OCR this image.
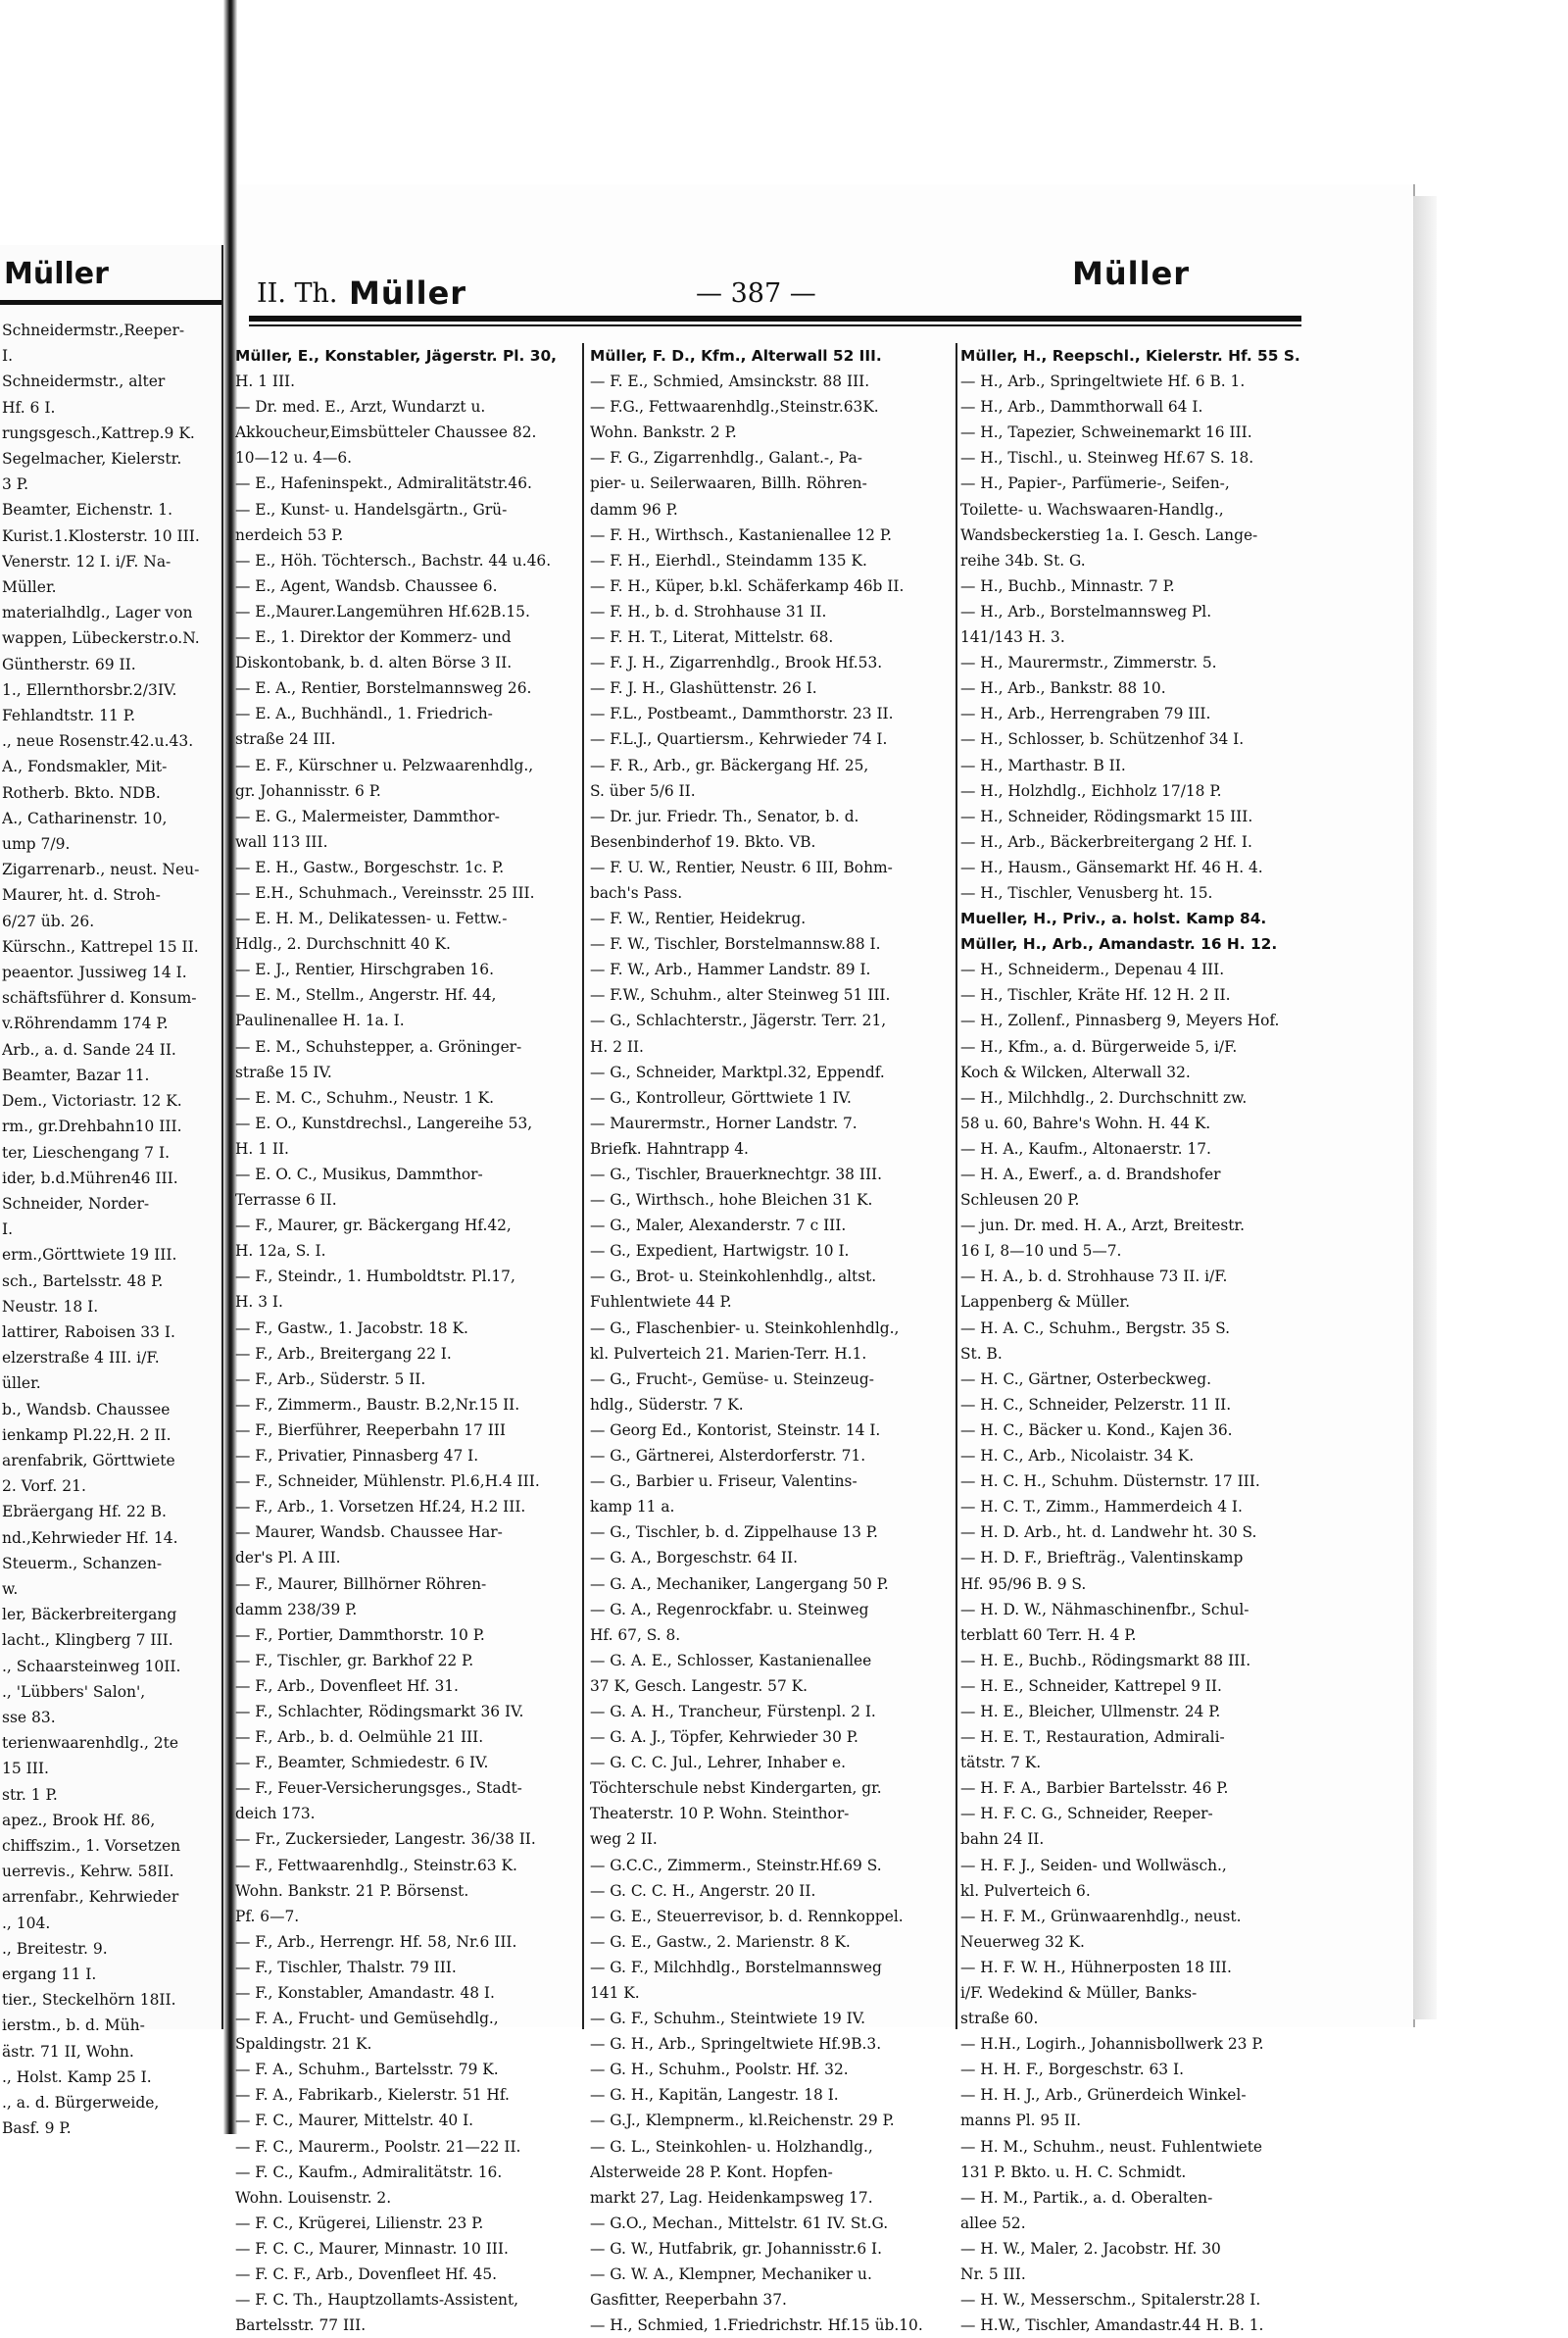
Müller
Schneidermstr.,Reeper-
I.
Schneidermstr., alter
Hf. 6 I.
rungsgesch.,Kattrep.9 K.
Segelmacher, Kielerstr.
3 P.
Beamter, Eichenstr. 1.
Kurist.1.Klosterstr. 10 III.
Venerstr. 12 I. i/F. Na-
Müller.
materialhdlg., Lager von
wappen, Lübeckerstr.o.N.
Güntherstr. 69 II.
1., Ellernthorsbr.2/3IV.
Fehlandtstr. 11 P.
., neue Rosenstr.42.u.43.
A., Fondsmakler, Mit-
Rotherb. Bkto. NDB.
A., Catharinenstr. 10,
ump 7/9.
Zigarrenarb., neust. Neu-
Maurer, ht. d. Stroh-
6/27 üb. 26.
Kürschn., Kattrepel 15 II.
peaentor. Jussiweg 14 I.
schäftsführer d. Konsum-
v.Röhrendamm 174 P.
Arb., a. d. Sande 24 II.
Beamter, Bazar 11.
Dem., Victoriastr. 12 K.
rm., gr.Drehbahn10 III.
ter, Lieschengang 7 I.
ider, b.d.Mühren46 III.
Schneider, Norder-
I.
erm.,Görttwiete 19 III.
sch., Bartelsstr. 48 P.
Neustr. 18 I.
lattirer, Raboisen 33 I.
elzerstraße 4 III. i/F.
üller.
b., Wandsb. Chaussee
ienkamp Pl.22,H. 2 II.
arenfabrik, Görttwiete
2. Vorf. 21.
Ebräergang Hf. 22 B.
nd.,Kehrwieder Hf. 14.
Steuerm., Schanzen-
w.
ler, Bäckerbreitergang
lacht., Klingberg 7 III.
., Schaarsteinweg 10II.
., 'Lübbers' Salon',
sse 83.
terienwaarenhdlg., 2te
15 III.
str. 1 P.
apez., Brook Hf. 86,
chiffszim., 1. Vorsetzen
uerrevis., Kehrw. 58II.
arrenfabr., Kehrwieder
., 104.
., Breitestr. 9.
ergang 11 I.
tier., Steckelhörn 18II.
ierstm., b. d. Müh-
ästr. 71 II, Wohn.
., Holst. Kamp 25 I.
., a. d. Bürgerweide,
Basf. 9 P.
II. Th. Müller	— 387 —
Müller
Müller, E., Konstabler, Jägerstr. Pl. 30,
H. 1 III.
— Dr. med. E., Arzt, Wundarzt u.
Akkoucheur,Eimsbütteler Chaussee 82.
10—12 u. 4—6.
— E., Hafeninspekt., Admiralitätstr.46.
— E., Kunst- u. Handelsgärtn., Grü-
nerdeich 53 P.
— E., Höh. Töchtersch., Bachstr. 44 u.46.
— E., Agent, Wandsb. Chaussee 6.
— E.,Maurer.Langemühren Hf.62B.15.
— E., 1. Direktor der Kommerz- und
Diskontobank, b. d. alten Börse 3 II.
— E. A., Rentier, Borstelmannsweg 26.
— E. A., Buchhändl., 1. Friedrich-
straße 24 III.
— E. F., Kürschner u. Pelzwaarenhdlg.,
gr. Johannisstr. 6 P.
— E. G., Malermeister, Dammthor-
wall 113 III.
— E. H., Gastw., Borgeschstr. 1c. P.
— E.H., Schuhmach., Vereinsstr. 25 III.
— E. H. M., Delikatessen- u. Fettw.-
Hdlg., 2. Durchschnitt 40 K.
— E. J., Rentier, Hirschgraben 16.
— E. M., Stellm., Angerstr. Hf. 44,
Paulinenallee H. 1a. I.
— E. M., Schuhstepper, a. Gröninger-
straße 15 IV.
— E. M. C., Schuhm., Neustr. 1 K.
— E. O., Kunstdrechsl., Langereihe 53,
H. 1 II.
— E. O. C., Musikus, Dammthor-
Terrasse 6 II.
— F., Maurer, gr. Bäckergang Hf.42,
H. 12a, S. I.
— F., Steindr., 1. Humboldtstr. Pl.17,
H. 3 I.
— F., Gastw., 1. Jacobstr. 18 K.
— F., Arb., Breitergang 22 I.
— F., Arb., Süderstr. 5 II.
— F., Zimmerm., Baustr. B.2,Nr.15 II.
— F., Bierführer, Reeperbahn 17 III
— F., Privatier, Pinnasberg 47 I.
— F., Schneider, Mühlenstr. Pl.6,H.4 III.
— F., Arb., 1. Vorsetzen Hf.24, H.2 III.
— Maurer, Wandsb. Chaussee Har-
der's Pl. A III.
— F., Maurer, Billhörner Röhren-
damm 238/39 P.
— F., Portier, Dammthorstr. 10 P.
— F., Tischler, gr. Barkhof 22 P.
— F., Arb., Dovenfleet Hf. 31.
— F., Schlachter, Rödingsmarkt 36 IV.
— F., Arb., b. d. Oelmühle 21 III.
— F., Beamter, Schmiedestr. 6 IV.
— F., Feuer-Versicherungsges., Stadt-
deich 173.
— Fr., Zuckersieder, Langestr. 36/38 II.
— F., Fettwaarenhdlg., Steinstr.63 K.
Wohn. Bankstr. 21 P. Börsenst.
Pf. 6—7.
— F., Arb., Herrengr. Hf. 58, Nr.6 III.
— F., Tischler, Thalstr. 79 III.
— F., Konstabler, Amandastr. 48 I.
— F. A., Frucht- und Gemüsehdlg.,
Spaldingstr. 21 K.
— F. A., Schuhm., Bartelsstr. 79 K.
— F. A., Fabrikarb., Kielerstr. 51 Hf.
— F. C., Maurer, Mittelstr. 40 I.
— F. C., Maurerm., Poolstr. 21—22 II.
— F. C., Kaufm., Admiralitätstr. 16.
Wohn. Louisenstr. 2.
— F. C., Krügerei, Lilienstr. 23 P.
— F. C. C., Maurer, Minnastr. 10 III.
— F. C. F., Arb., Dovenfleet Hf. 45.
— F. C. Th., Hauptzollamts-Assistent,
Bartelsstr. 77 III.
Müller, F. D., Kfm., Alterwall 52 III.
— F. E., Schmied, Amsinckstr. 88 III.
— F.G., Fettwaarenhdlg.,Steinstr.63K.
Wohn. Bankstr. 2 P.
— F. G., Zigarrenhdlg., Galant.-, Pa-
pier- u. Seilerwaaren, Billh. Röhren-
damm 96 P.
— F. H., Wirthsch., Kastanienallee 12 P.
— F. H., Eierhdl., Steindamm 135 K.
— F. H., Küper, b.kl. Schäferkamp 46b II.
— F. H., b. d. Strohhause 31 II.
— F. H. T., Literat, Mittelstr. 68.
— F. J. H., Zigarrenhdlg., Brook Hf.53.
— F. J. H., Glashüttenstr. 26 I.
— F.L., Postbeamt., Dammthorstr. 23 II.
— F.L.J., Quartiersm., Kehrwieder 74 I.
— F. R., Arb., gr. Bäckergang Hf. 25,
S. über 5/6 II.
— Dr. jur. Friedr. Th., Senator, b. d.
Besenbinderhof 19. Bkto. VB.
— F. U. W., Rentier, Neustr. 6 III, Bohm-
bach's Pass.
— F. W., Rentier, Heidekrug.
— F. W., Tischler, Borstelmannsw.88 I.
— F. W., Arb., Hammer Landstr. 89 I.
— F.W., Schuhm., alter Steinweg 51 III.
— G., Schlachterstr., Jägerstr. Terr. 21,
H. 2 II.
— G., Schneider, Marktpl.32, Eppendf.
— G., Kontrolleur, Görttwiete 1 IV.
— Maurermstr., Horner Landstr. 7.
Briefk. Hahntrapp 4.
— G., Tischler, Brauerknechtgr. 38 III.
— G., Wirthsch., hohe Bleichen 31 K.
— G., Maler, Alexanderstr. 7 c III.
— G., Expedient, Hartwigstr. 10 I.
— G., Brot- u. Steinkohlenhdlg., altst.
Fuhlentwiete 44 P.
— G., Flaschenbier- u. Steinkohlenhdlg.,
kl. Pulverteich 21. Marien-Terr. H.1.
— G., Frucht-, Gemüse- u. Steinzeug-
hdlg., Süderstr. 7 K.
— Georg Ed., Kontorist, Steinstr. 14 I.
— G., Gärtnerei, Alsterdorferstr. 71.
— G., Barbier u. Friseur, Valentins-
kamp 11 a.
— G., Tischler, b. d. Zippelhause 13 P.
— G. A., Borgeschstr. 64 II.
— G. A., Mechaniker, Langergang 50 P.
— G. A., Regenrockfabr. u. Steinweg
Hf. 67, S. 8.
— G. A. E., Schlosser, Kastanienallee
37 K, Gesch. Langestr. 57 K.
— G. A. H., Trancheur, Fürstenpl. 2 I.
— G. A. J., Töpfer, Kehrwieder 30 P.
— G. C. C. Jul., Lehrer, Inhaber e.
Töchterschule nebst Kindergarten, gr.
Theaterstr. 10 P. Wohn. Steinthor-
weg 2 II.
— G.C.C., Zimmerm., Steinstr.Hf.69 S.
— G. C. C. H., Angerstr. 20 II.
— G. E., Steuerrevisor, b. d. Rennkoppel.
— G. E., Gastw., 2. Marienstr. 8 K.
— G. F., Milchhdlg., Borstelmannsweg
141 K.
— G. F., Schuhm., Steintwiete 19 IV.
— G. H., Arb., Springeltwiete Hf.9B.3.
— G. H., Schuhm., Poolstr. Hf. 32.
— G. H., Kapitän, Langestr. 18 I.
— G.J., Klempnerm., kl.Reichenstr. 29 P.
— G. L., Steinkohlen- u. Holzhandlg.,
Alsterweide 28 P. Kont. Hopfen-
markt 27, Lag. Heidenkampsweg 17.
— G.O., Mechan., Mittelstr. 61 IV. St.G.
— G. W., Hutfabrik, gr. Johannisstr.6 I.
— G. W. A., Klempner, Mechaniker u.
Gasfitter, Reeperbahn 37.
— H., Schmied, 1.Friedrichstr. Hf.15 üb.10.
Müller, H., Reepschl., Kielerstr. Hf. 55 S.
— H., Arb., Springeltwiete Hf. 6 B. 1.
— H., Arb., Dammthorwall 64 I.
— H., Tapezier, Schweinemarkt 16 III.
— H., Tischl., u. Steinweg Hf.67 S. 18.
— H., Papier-, Parfümerie-, Seifen-,
Toilette- u. Wachswaaren-Handlg.,
Wandsbeckerstieg 1a. I. Gesch. Lange-
reihe 34b. St. G.
— H., Buchb., Minnastr. 7 P.
— H., Arb., Borstelmannsweg Pl.
141/143 H. 3.
— H., Maurermstr., Zimmerstr. 5.
— H., Arb., Bankstr. 88 10.
— H., Arb., Herrengraben 79 III.
— H., Schlosser, b. Schützenhof 34 I.
— H., Marthastr. B II.
— H., Holzhdlg., Eichholz 17/18 P.
— H., Schneider, Rödingsmarkt 15 III.
— H., Arb., Bäckerbreitergang 2 Hf. I.
— H., Hausm., Gänsemarkt Hf. 46 H. 4.
— H., Tischler, Venusberg ht. 15.
Mueller, H., Priv., a. holst. Kamp 84.
Müller, H., Arb., Amandastr. 16 H. 12.
— H., Schneiderm., Depenau 4 III.
— H., Tischler, Kräte Hf. 12 H. 2 II.
— H., Zollenf., Pinnasberg 9, Meyers Hof.
— H., Kfm., a. d. Bürgerweide 5, i/F.
Koch & Wilcken, Alterwall 32.
— H., Milchhdlg., 2. Durchschnitt zw.
58 u. 60, Bahre's Wohn. H. 44 K.
— H. A., Kaufm., Altonaerstr. 17.
— H. A., Ewerf., a. d. Brandshofer
Schleusen 20 P.
— jun. Dr. med. H. A., Arzt, Breitestr.
16 I, 8—10 und 5—7.
— H. A., b. d. Strohhause 73 II. i/F.
Lappenberg & Müller.
— H. A. C., Schuhm., Bergstr. 35 S.
St. B.
— H. C., Gärtner, Osterbeckweg.
— H. C., Schneider, Pelzerstr. 11 II.
— H. C., Bäcker u. Kond., Kajen 36.
— H. C., Arb., Nicolaistr. 34 K.
— H. C. H., Schuhm. Düsternstr. 17 III.
— H. C. T., Zimm., Hammerdeich 4 I.
— H. D. Arb., ht. d. Landwehr ht. 30 S.
— H. D. F., Briefträg., Valentinskamp
Hf. 95/96 B. 9 S.
— H. D. W., Nähmaschinenfbr., Schul-
terblatt 60 Terr. H. 4 P.
— H. E., Buchb., Rödingsmarkt 88 III.
— H. E., Schneider, Kattrepel 9 II.
— H. E., Bleicher, Ullmenstr. 24 P.
— H. E. T., Restauration, Admirali-
tätstr. 7 K.
— H. F. A., Barbier Bartelsstr. 46 P.
— H. F. C. G., Schneider, Reeper-
bahn 24 II.
— H. F. J., Seiden- und Wollwäsch.,
kl. Pulverteich 6.
— H. F. M., Grünwaarenhdlg., neust.
Neuerweg 32 K.
— H. F. W. H., Hühnerposten 18 III.
i/F. Wedekind & Müller, Banks-
straße 60.
— H.H., Logirh., Johannisbollwerk 23 P.
— H. H. F., Borgeschstr. 63 I.
— H. H. J., Arb., Grünerdeich Winkel-
manns Pl. 95 II.
— H. M., Schuhm., neust. Fuhlentwiete
131 P. Bkto. u. H. C. Schmidt.
— H. M., Partik., a. d. Oberalten-
allee 52.
— H. W., Maler, 2. Jacobstr. Hf. 30
Nr. 5 III.
— H. W., Messerschm., Spitalerstr.28 I.
— H.W., Tischler, Amandastr.44 H. B. 1.
